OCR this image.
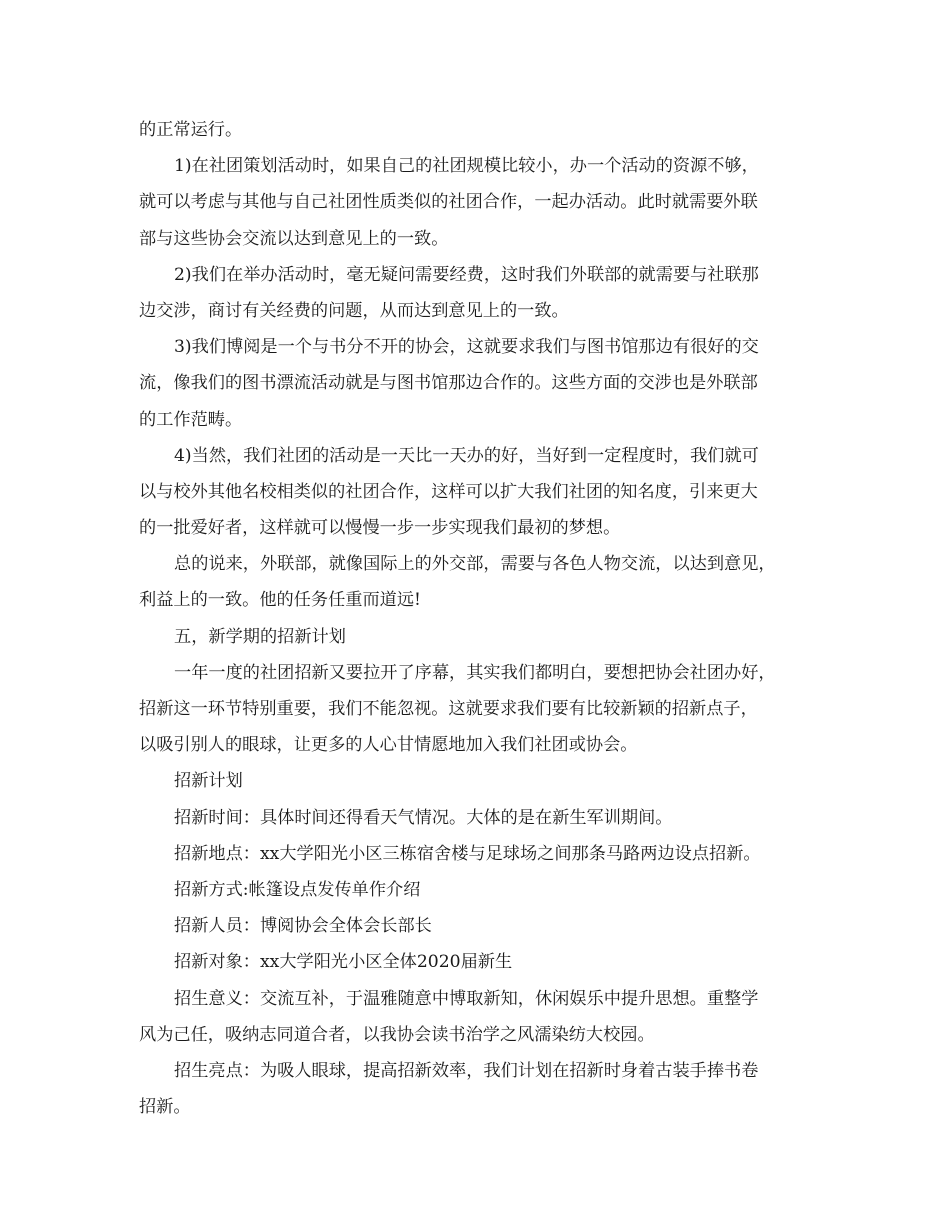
的正常运行。
1)在社团策划活动时，如果自己的社团规模比较小，办一个活动的资源不够，
就可以考虑与其他与自己社团性质类似的社团合作，一起办活动。此时就需要外联
部与这些协会交流以达到意见上的一致。
2)我们在举办活动时，毫无疑问需要经费，这时我们外联部的就需要与社联那
边交涉，商讨有关经费的问题，从而达到意见上的一致。
3)我们博阅是一个与书分不开的协会，这就要求我们与图书馆那边有很好的交
流，像我们的图书漂流活动就是与图书馆那边合作的。这些方面的交涉也是外联部
的工作范畴。
4)当然，我们社团的活动是一天比一天办的好，当好到一定程度时，我们就可
以与校外其他名校相类似的社团合作，这样可以扩大我们社团的知名度，引来更大
的一批爱好者，这样就可以慢慢一步一步实现我们最初的梦想。
总的说来，外联部，就像国际上的外交部，需要与各色人物交流，以达到意见，
利益上的一致。他的任务任重而道远!
五，新学期的招新计划
一年一度的社团招新又要拉开了序幕，其实我们都明白，要想把协会社团办好，
招新这一环节特别重要，我们不能忽视。这就要求我们要有比较新颖的招新点子，
以吸引别人的眼球，让更多的人心甘情愿地加入我们社团或协会。
招新计划
招新时间：具体时间还得看天气情况。大体的是在新生军训期间。
招新地点：xx大学阳光小区三栋宿舍楼与足球场之间那条马路两边设点招新。
招新方式:帐篷设点发传单作介绍
招新人员：博阅协会全体会长部长
招新对象：xx大学阳光小区全体2020届新生
招生意义：交流互补，于温雅随意中博取新知，休闲娱乐中提升思想。重整学
风为己任，吸纳志同道合者，以我协会读书治学之风濡染纺大校园。
招生亮点：为吸人眼球，提高招新效率，我们计划在招新时身着古装手捧书卷
招新。
